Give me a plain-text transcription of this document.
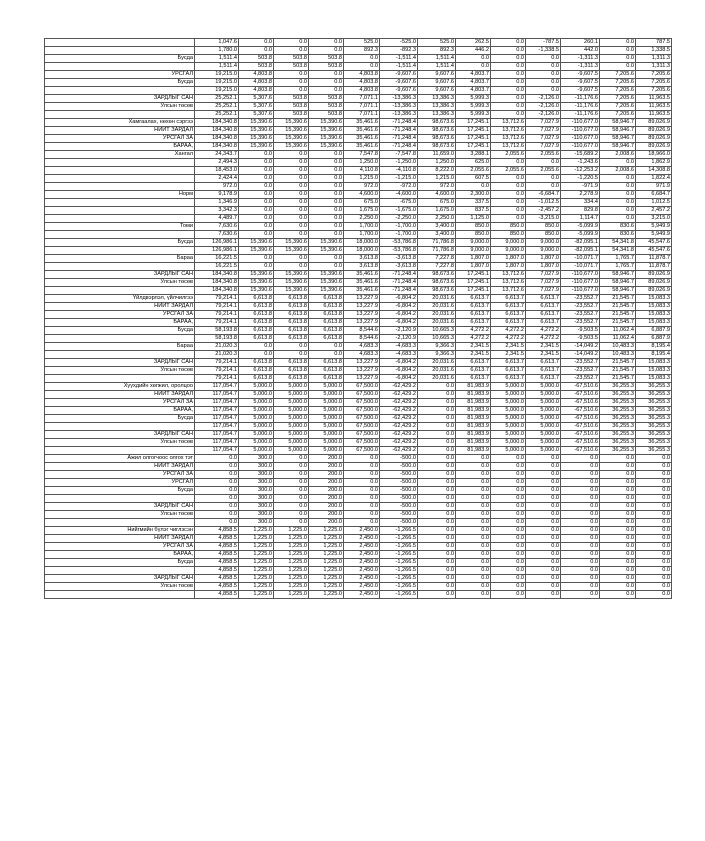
	1,047.6	0.0	0.0	0.0	525.0	-525.0	525.0	262.5	0.0	-787.5	260.1	0.0	787.5
	1,780.0	0.0	0.0	0.0	892.3	-892.3	892.3	446.2	0.0	-1,338.5	442.0	0.0	1,338.5
Бусда	1,511.4	503.8	503.8	503.8	0.0	-1,511.4	1,511.4	0.0	0.0	0.0	-1,311.3	0.0	1,311.3
	1,511.4	503.8	503.8	503.8	0.0	-1,511.4	1,511.4	0.0	0.0	0.0	-1,311.3	0.0	1,311.3
УРСГАЛ	19,215.0	4,803.8	0.0	0.0	4,803.8	-9,607.6	9,607.6	4,803.7	0.0	0.0	-9,607.5	7,205.6	7,205.6
Бусда	19,215.0	4,803.8	0.0	0.0	4,803.8	-9,607.6	9,607.6	4,803.7	0.0	0.0	-9,607.5	7,205.6	7,205.6
	19,215.0	4,803.8	0.0	0.0	4,803.8	-9,607.6	9,607.6	4,803.7	0.0	0.0	-9,607.5	7,205.6	7,205.6
ЗАРДЛЫГ САН	25,252.1	5,307.6	503.8	503.8	7,071.1	-13,386.3	13,386.3	5,999.3	0.0	-2,126.0	-11,176.6	7,205.6	11,963.5
Улсын төсөв	25,252.1	5,307.6	503.8	503.8	7,071.1	-13,386.3	13,386.3	5,999.3	0.0	-2,126.0	-11,176.6	7,205.6	11,963.5
	25,252.1	5,307.6	503.8	503.8	7,071.1	-13,386.3	13,386.3	5,999.3	0.0	-2,126.0	-11,176.6	7,205.6	11,963.5
Хамгаалах, нөхөн сэргээ	184,340.8	15,390.6	15,390.6	15,390.6	35,461.6	-71,248.4	98,673.6	17,245.1	13,712.6	7,027.9	-110,677.0	58,946.7	89,026.9
НИЙТ ЗАРДАЛ	184,340.8	15,390.6	15,390.6	15,390.6	35,461.6	-71,248.4	98,673.6	17,245.1	13,712.6	7,027.9	-110,677.0	58,946.7	89,026.9
УРСГАЛ ЗА	184,340.8	15,390.6	15,390.6	15,390.6	35,461.6	-71,248.4	98,673.6	17,245.1	13,712.6	7,027.9	-110,677.0	58,946.7	89,026.9
БАРАА,	184,340.8	15,390.6	15,390.6	15,390.6	35,461.6	-71,248.4	98,673.6	17,245.1	13,712.6	7,027.9	-110,677.0	58,946.7	89,026.9
Хангал	24,343.7	0.0	0.0	0.0	7,547.8	-7,547.8	11,659.0	3,288.1	2,055.6	2,055.6	-15,689.2	2,008.6	18,966.0
	2,494.3	0.0	0.0	0.0	1,250.0	-1,250.0	1,250.0	625.0	0.0	0.0	-1,243.6	0.0	1,862.9
	18,453.0	0.0	0.0	0.0	4,110.8	-4,110.8	8,222.0	2,055.6	2,055.6	2,055.6	-12,253.2	2,008.6	14,308.8
	2,424.4	0.0	0.0	0.0	1,215.0	-1,215.0	1,215.0	607.5	0.0	0.0	-1,220.5	0.0	1,822.4
	972.0	0.0	0.0	0.0	972.0	-972.0	972.0	0.0	0.0	0.0	-971.9	0.0	971.9
Норм	9,178.9	0.0	0.0	0.0	4,600.0	-4,600.0	4,600.0	2,300.0	0.0	-6,684.7	2,278.9	0.0	6,684.7
	1,346.9	0.0	0.0	0.0	675.0	-675.0	675.0	337.5	0.0	-1,012.5	334.4	0.0	1,012.5
	3,342.3	0.0	0.0	0.0	1,675.0	-1,675.0	1,675.0	837.5	0.0	-2,457.2	829.8	0.0	2,457.2
	4,489.7	0.0	0.0	0.0	2,250.0	-2,250.0	2,250.0	1,125.0	0.0	-3,215.0	1,114.7	0.0	3,215.0
Томи	7,630.6	0.0	0.0	0.0	1,700.0	-1,700.0	3,400.0	850.0	850.0	850.0	-5,099.9	830.6	5,949.9
	7,630.6	0.0	0.0	0.0	1,700.0	-1,700.0	3,400.0	850.0	850.0	850.0	-5,099.9	830.6	5,949.9
Бусда	126,986.1	15,390.6	15,390.6	15,390.6	18,000.0	-53,786.8	71,786.8	9,000.0	9,000.0	9,000.0	-82,095.1	54,341.8	45,547.6
	126,986.1	15,390.6	15,390.6	15,390.6	18,000.0	-53,786.8	71,786.8	9,000.0	9,000.0	9,000.0	-82,095.1	54,341.8	45,547.6
Бараа	16,221.5	0.0	0.0	0.0	3,613.8	-3,613.8	7,227.8	1,807.0	1,807.0	1,807.0	-10,071.7	1,765.7	11,878.7
	16,221.5	0.0	0.0	0.0	3,613.8	-3,613.8	7,227.8	1,807.0	1,807.0	1,807.0	-10,071.7	1,765.7	11,878.7
ЗАРДЛЫГ САН	184,340.8	15,390.6	15,390.6	15,390.6	35,461.6	-71,248.4	98,673.6	17,245.1	13,712.6	7,027.9	-110,677.0	58,946.7	89,026.9
Улсын төсөв	184,340.8	15,390.6	15,390.6	15,390.6	35,461.6	-71,248.4	98,673.6	17,245.1	13,712.6	7,027.9	-110,677.0	58,946.7	89,026.9
	184,340.8	15,390.6	15,390.6	15,390.6	35,461.6	-71,248.4	98,673.6	17,245.1	13,712.6	7,027.9	-110,677.0	58,946.7	89,026.9
Үйлдвэрлэл, үйлчилгээ	79,214.1	6,613.8	6,613.8	6,613.8	13,227.9	-6,804.2	20,031.6	6,613.7	6,613.7	6,613.7	-23,552.7	21,545.7	15,083.3
НИЙТ ЗАРДАЛ	79,214.1	6,613.8	6,613.8	6,613.8	13,227.9	-6,804.2	20,031.6	6,613.7	6,613.7	6,613.7	-23,552.7	21,545.7	15,083.3
УРСГАЛ ЗА	79,214.1	6,613.8	6,613.8	6,613.8	13,227.9	-6,804.2	20,031.6	6,613.7	6,613.7	6,613.7	-23,552.7	21,545.7	15,083.3
БАРАА,	79,214.1	6,613.8	6,613.8	6,613.8	13,227.9	-6,804.2	20,031.6	6,613.7	6,613.7	6,613.7	-23,552.7	21,545.7	15,083.3
Бусда	58,193.8	6,613.8	6,613.8	6,613.8	8,544.6	-2,120.9	10,665.3	4,272.2	4,272.2	4,272.2	-9,503.5	11,062.4	6,887.9
	58,193.8	6,613.8	6,613.8	6,613.8	8,544.6	-2,120.9	10,665.3	4,272.2	4,272.2	4,272.2	-9,503.5	11,062.4	6,887.9
Бараа	21,020.3	0.0	0.0	0.0	4,683.3	-4,683.3	9,366.3	2,341.5	2,341.5	2,341.5	-14,049.2	10,483.3	8,195.4
	21,020.3	0.0	0.0	0.0	4,683.3	-4,683.3	9,366.3	2,341.5	2,341.5	2,341.5	-14,049.2	10,483.3	8,195.4
ЗАРДЛЫГ САН	79,214.1	6,613.8	6,613.8	6,613.8	13,227.9	-6,804.2	20,031.6	6,613.7	6,613.7	6,613.7	-23,552.7	21,545.7	15,083.3
Улсын төсөв	79,214.1	6,613.8	6,613.8	6,613.8	13,227.9	-6,804.2	20,031.6	6,613.7	6,613.7	6,613.7	-23,552.7	21,545.7	15,083.3
	79,214.1	6,613.8	6,613.8	6,613.8	13,227.9	-6,804.2	20,031.6	6,613.7	6,613.7	6,613.7	-23,552.7	21,545.7	15,083.3
Хүүхдийн хөгжил, оролцоо	117,054.7	5,000.0	5,000.0	5,000.0	67,500.0	-62,429.2	0.0	81,983.9	5,000.0	5,000.0	-67,510.6	36,255.3	36,255.3
НИЙТ ЗАРДАЛ	117,054.7	5,000.0	5,000.0	5,000.0	67,500.0	-62,429.2	0.0	81,983.9	5,000.0	5,000.0	-67,510.6	36,255.3	36,255.3
УРСГАЛ ЗА	117,054.7	5,000.0	5,000.0	5,000.0	67,500.0	-62,429.2	0.0	81,983.9	5,000.0	5,000.0	-67,510.6	36,255.3	36,255.3
БАРАА,	117,054.7	5,000.0	5,000.0	5,000.0	67,500.0	-62,429.2	0.0	81,983.9	5,000.0	5,000.0	-67,510.6	36,255.3	36,255.3
Бусда	117,054.7	5,000.0	5,000.0	5,000.0	67,500.0	-62,429.2	0.0	81,983.9	5,000.0	5,000.0	-67,510.6	36,255.3	36,255.3
	117,054.7	5,000.0	5,000.0	5,000.0	67,500.0	-62,429.2	0.0	81,983.9	5,000.0	5,000.0	-67,510.6	36,255.3	36,255.3
ЗАРДЛЫГ САН	117,054.7	5,000.0	5,000.0	5,000.0	67,500.0	-62,429.2	0.0	81,983.9	5,000.0	5,000.0	-67,510.6	36,255.3	36,255.3
Улсын төсөв	117,054.7	5,000.0	5,000.0	5,000.0	67,500.0	-62,429.2	0.0	81,983.9	5,000.0	5,000.0	-67,510.6	36,255.3	36,255.3
	117,054.7	5,000.0	5,000.0	5,000.0	67,500.0	-62,429.2	0.0	81,983.9	5,000.0	5,000.0	-67,510.6	36,255.3	36,255.3
Ажил олгогчоос олгох тэт	0.0	300.0	0.0	200.0	0.0	-500.0	0.0	0.0	0.0	0.0	0.0	0.0	0.0
НИЙТ ЗАРДАЛ	0.0	300.0	0.0	200.0	0.0	-500.0	0.0	0.0	0.0	0.0	0.0	0.0	0.0
УРСГАЛ ЗА	0.0	300.0	0.0	200.0	0.0	-500.0	0.0	0.0	0.0	0.0	0.0	0.0	0.0
УРСГАЛ	0.0	300.0	0.0	200.0	0.0	-500.0	0.0	0.0	0.0	0.0	0.0	0.0	0.0
Бусда	0.0	300.0	0.0	200.0	0.0	-500.0	0.0	0.0	0.0	0.0	0.0	0.0	0.0
	0.0	300.0	0.0	200.0	0.0	-500.0	0.0	0.0	0.0	0.0	0.0	0.0	0.0
ЗАРДЛЫГ САН	0.0	300.0	0.0	200.0	0.0	-500.0	0.0	0.0	0.0	0.0	0.0	0.0	0.0
Улсын төсөв	0.0	300.0	0.0	200.0	0.0	-500.0	0.0	0.0	0.0	0.0	0.0	0.0	0.0
	0.0	300.0	0.0	200.0	0.0	-500.0	0.0	0.0	0.0	0.0	0.0	0.0	0.0
Нийгмийн бүлэг чиглэсэн	4,858.5	1,225.0	1,225.0	1,225.0	2,450.0	-1,266.5	0.0	0.0	0.0	0.0	0.0	0.0	0.0
НИЙТ ЗАРДАЛ	4,858.5	1,225.0	1,225.0	1,225.0	2,450.0	-1,266.5	0.0	0.0	0.0	0.0	0.0	0.0	0.0
УРСГАЛ ЗА	4,858.5	1,225.0	1,225.0	1,225.0	2,450.0	-1,266.5	0.0	0.0	0.0	0.0	0.0	0.0	0.0
БАРАА,	4,858.5	1,225.0	1,225.0	1,225.0	2,450.0	-1,266.5	0.0	0.0	0.0	0.0	0.0	0.0	0.0
Бусда	4,858.5	1,225.0	1,225.0	1,225.0	2,450.0	-1,266.5	0.0	0.0	0.0	0.0	0.0	0.0	0.0
	4,858.5	1,225.0	1,225.0	1,225.0	2,450.0	-1,266.5	0.0	0.0	0.0	0.0	0.0	0.0	0.0
ЗАРДЛЫГ САН	4,858.5	1,225.0	1,225.0	1,225.0	2,450.0	-1,266.5	0.0	0.0	0.0	0.0	0.0	0.0	0.0
Улсын төсөв	4,858.5	1,225.0	1,225.0	1,225.0	2,450.0	-1,266.5	0.0	0.0	0.0	0.0	0.0	0.0	0.0
	4,858.5	1,225.0	1,225.0	1,225.0	2,450.0	-1,266.5	0.0	0.0	0.0	0.0	0.0	0.0	0.0
